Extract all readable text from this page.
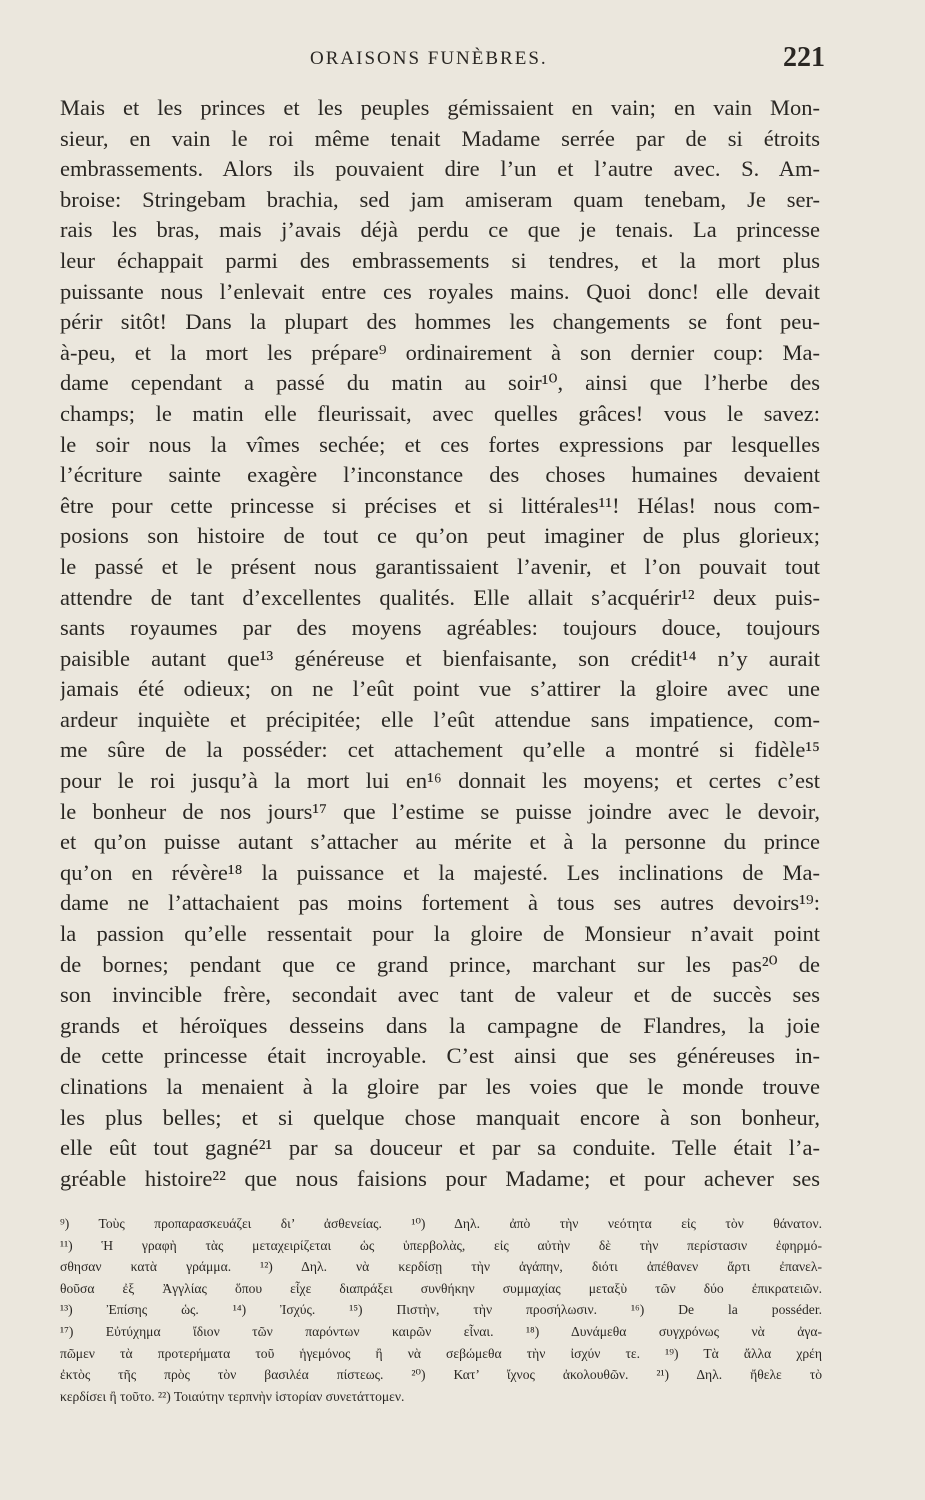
ORAISONS FUNÈBRES.	221
Mais et les princes et les peuples gémissaient en vain; en vain Mon-
sieur, en vain le roi même tenait Madame serrée par de si étroits
embrassements. Alors ils pouvaient dire l’un et l’autre avec. S. Am-
broise: Stringebam brachia, sed jam amiseram quam tenebam, Je ser-
rais les bras, mais j’avais déjà perdu ce que je tenais. La princesse
leur échappait parmi des embrassements si tendres, et la mort plus
puissante nous l’enlevait entre ces royales mains. Quoi donc! elle devait
périr sitôt! Dans la plupart des hommes les changements se font peu-
à-peu, et la mort les prépare⁹ ordinairement à son dernier coup: Ma-
dame cependant a passé du matin au soir¹⁰, ainsi que l’herbe des
champs; le matin elle fleurissait, avec quelles grâces! vous le savez:
le soir nous la vîmes sechée; et ces fortes expressions par lesquelles
l’écriture sainte exagère l’inconstance des choses humaines devaient
être pour cette princesse si précises et si littérales¹¹! Hélas! nous com-
posions son histoire de tout ce qu’on peut imaginer de plus glorieux;
le passé et le présent nous garantissaient l’avenir, et l’on pouvait tout
attendre de tant d’excellentes qualités. Elle allait s’acquérir¹² deux puis-
sants royaumes par des moyens agréables: toujours douce, toujours
paisible autant que¹³ généreuse et bienfaisante, son crédit¹⁴ n’y aurait
jamais été odieux; on ne l’eût point vue s’attirer la gloire avec une
ardeur inquiète et précipitée; elle l’eût attendue sans impatience, com-
me sûre de la posséder: cet attachement qu’elle a montré si fidèle¹⁵
pour le roi jusqu’à la mort lui en¹⁶ donnait les moyens; et certes c’est
le bonheur de nos jours¹⁷ que l’estime se puisse joindre avec le devoir,
et qu’on puisse autant s’attacher au mérite et à la personne du prince
qu’on en révère¹⁸ la puissance et la majesté. Les inclinations de Ma-
dame ne l’attachaient pas moins fortement à tous ses autres devoirs¹⁹:
la passion qu’elle ressentait pour la gloire de Monsieur n’avait point
de bornes; pendant que ce grand prince, marchant sur les pas²⁰ de
son invincible frère, secondait avec tant de valeur et de succès ses
grands et héroïques desseins dans la campagne de Flandres, la joie
de cette princesse était incroyable. C’est ainsi que ses généreuses in-
clinations la menaient à la gloire par les voies que le monde trouve
les plus belles; et si quelque chose manquait encore à son bonheur,
elle eût tout gagné²¹ par sa douceur et par sa conduite. Telle était l’a-
gréable histoire²² que nous faisions pour Madame; et pour achever ses
⁹) Τοὺς προπαρασκευάζει δι’ ἀσθενείας. ¹⁰) Δηλ. ἀπὸ τὴν νεότητα εἰς τὸν θάνατον.
¹¹) Ἡ γραφὴ τὰς μεταχειρίζεται ὡς ὑπερβολὰς, εἰς αὐτὴν δὲ τὴν περίστασιν ἐφηρμό-
σθησαν κατὰ γράμμα. ¹²) Δηλ. νὰ κερδίσῃ τὴν ἀγάπην, διότι ἀπέθανεν ἄρτι ἐπανελ-
θοῦσα ἐξ Ἀγγλίας ὅπου εἶχε διαπράξει συνθήκην συμμαχίας μεταξὺ τῶν δύο ἐπικρατειῶν.
¹³) Ἐπίσης ὡς. ¹⁴) Ἰσχύς. ¹⁵) Πιστὴν, τὴν προσήλωσιν. ¹⁶) De la posséder.
¹⁷) Εὐτύχημα ἴδιον τῶν παρόντων καιρῶν εἶναι. ¹⁸) Δυνάμεθα συγχρόνως νὰ ἀγα-
πῶμεν τὰ προτερήματα τοῦ ἡγεμόνος ἢ νὰ σεβώμεθα τὴν ἰσχύν τε. ¹⁹) Τὰ ἄλλα χρέη
ἐκτὸς τῆς πρὸς τὸν βασιλέα πίστεως. ²⁰) Κατ’ ἴχνος ἀκολουθῶν. ²¹) Δηλ. ἤθελε τὸ
κερδίσει ἢ τοῦτο. ²²) Τοιαύτην τερπνὴν ἱστορίαν συνετάττομεν.
